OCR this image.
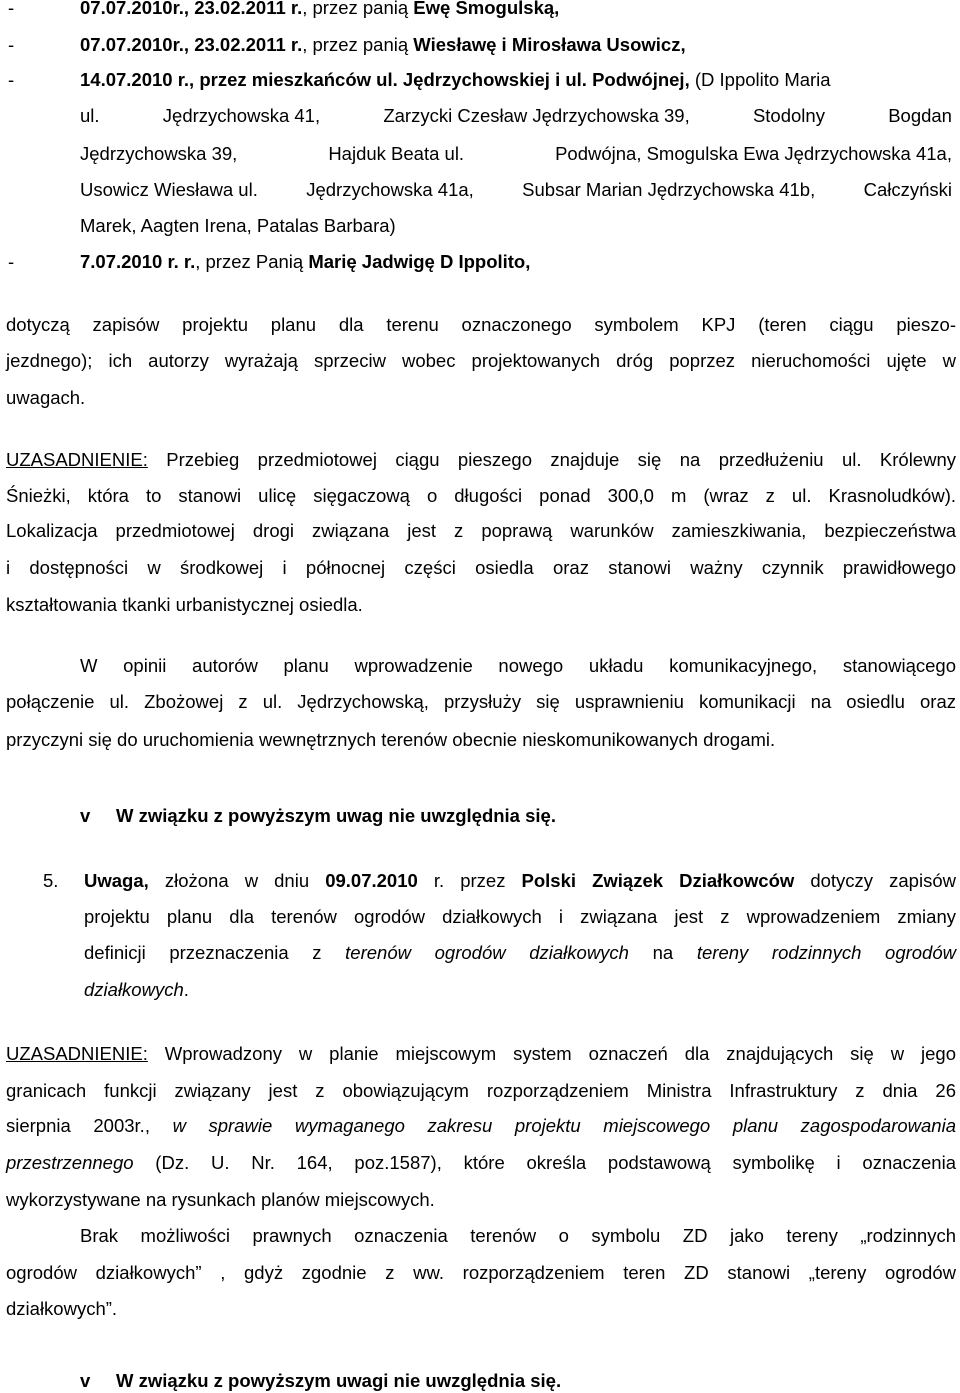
-	07.07.2010r., 23.02.2011 r., przez panią Ewę Smogulską,
-	07.07.2010r., 23.02.2011 r., przez panią Wiesławę i Mirosława Usowicz,
-	14.07.2010 r., przez mieszkańców ul. Jędrzychowskiej i ul. Podwójnej, (D Ippolito Maria
ul.	Jędrzychowska 41,	Zarzycki Czesław Jędrzychowska 39,	Stodolny	Bogdan
Jędrzychowska 39,	Hajduk Beata ul.	Podwójna, Smogulska Ewa Jędrzychowska 41a,
Usowicz Wiesława ul.	Jędrzychowska 41a,	Subsar Marian Jędrzychowska 41b,	Całczyński
Marek, Aagten Irena, Patalas Barbara)
-	7.07.2010 r. r., przez Panią Marię Jadwigę D Ippolito,
dotyczą zapisów projektu planu dla terenu oznaczonego symbolem KPJ (teren ciągu pieszo-
jezdnego); ich autorzy wyrażają sprzeciw wobec projektowanych dróg poprzez nieruchomości ujęte w
uwagach.
UZASADNIENIE: Przebieg przedmiotowej ciągu pieszego znajduje się na przedłużeniu ul. Królewny
Śnieżki, która to stanowi ulicę sięgaczową o długości ponad 300,0 m (wraz z ul. Krasnoludków).
Lokalizacja przedmiotowej drogi związana jest z poprawą warunków zamieszkiwania, bezpieczeństwa
i dostępności w środkowej i północnej części osiedla oraz stanowi ważny czynnik prawidłowego
kształtowania tkanki urbanistycznej osiedla.
W opinii autorów planu wprowadzenie nowego układu komunikacyjnego, stanowiącego
połączenie ul. Zbożowej z ul. Jędrzychowską, przysłuży się usprawnieniu komunikacji na osiedlu oraz
przyczyni się do uruchomienia wewnętrznych terenów obecnie nieskomunikowanych drogami.
v W związku z powyższym uwag nie uwzględnia się.
5.	Uwaga, złożona w dniu 09.07.2010 r. przez Polski Związek Działkowców dotyczy zapisów
projektu planu dla terenów ogrodów działkowych i związana jest z wprowadzeniem zmiany
definicji przeznaczenia z terenów ogrodów działkowych na tereny rodzinnych ogrodów
działkowych.
UZASADNIENIE: Wprowadzony w planie miejscowym system oznaczeń dla znajdujących się w jego
granicach funkcji związany jest z obowiązującym rozporządzeniem Ministra Infrastruktury z dnia 26
sierpnia 2003r., w sprawie wymaganego zakresu projektu miejscowego planu zagospodarowania
przestrzennego (Dz. U. Nr. 164, poz.1587), które określa podstawową symbolikę i oznaczenia
wykorzystywane na rysunkach planów miejscowych.
Brak możliwości prawnych oznaczenia terenów o symbolu ZD jako tereny „rodzinnych
ogrodów działkowych” , gdyż zgodnie z ww. rozporządzeniem teren ZD stanowi „tereny ogrodów
działkowych”.
v W związku z powyższym uwagi nie uwzględnia się.
